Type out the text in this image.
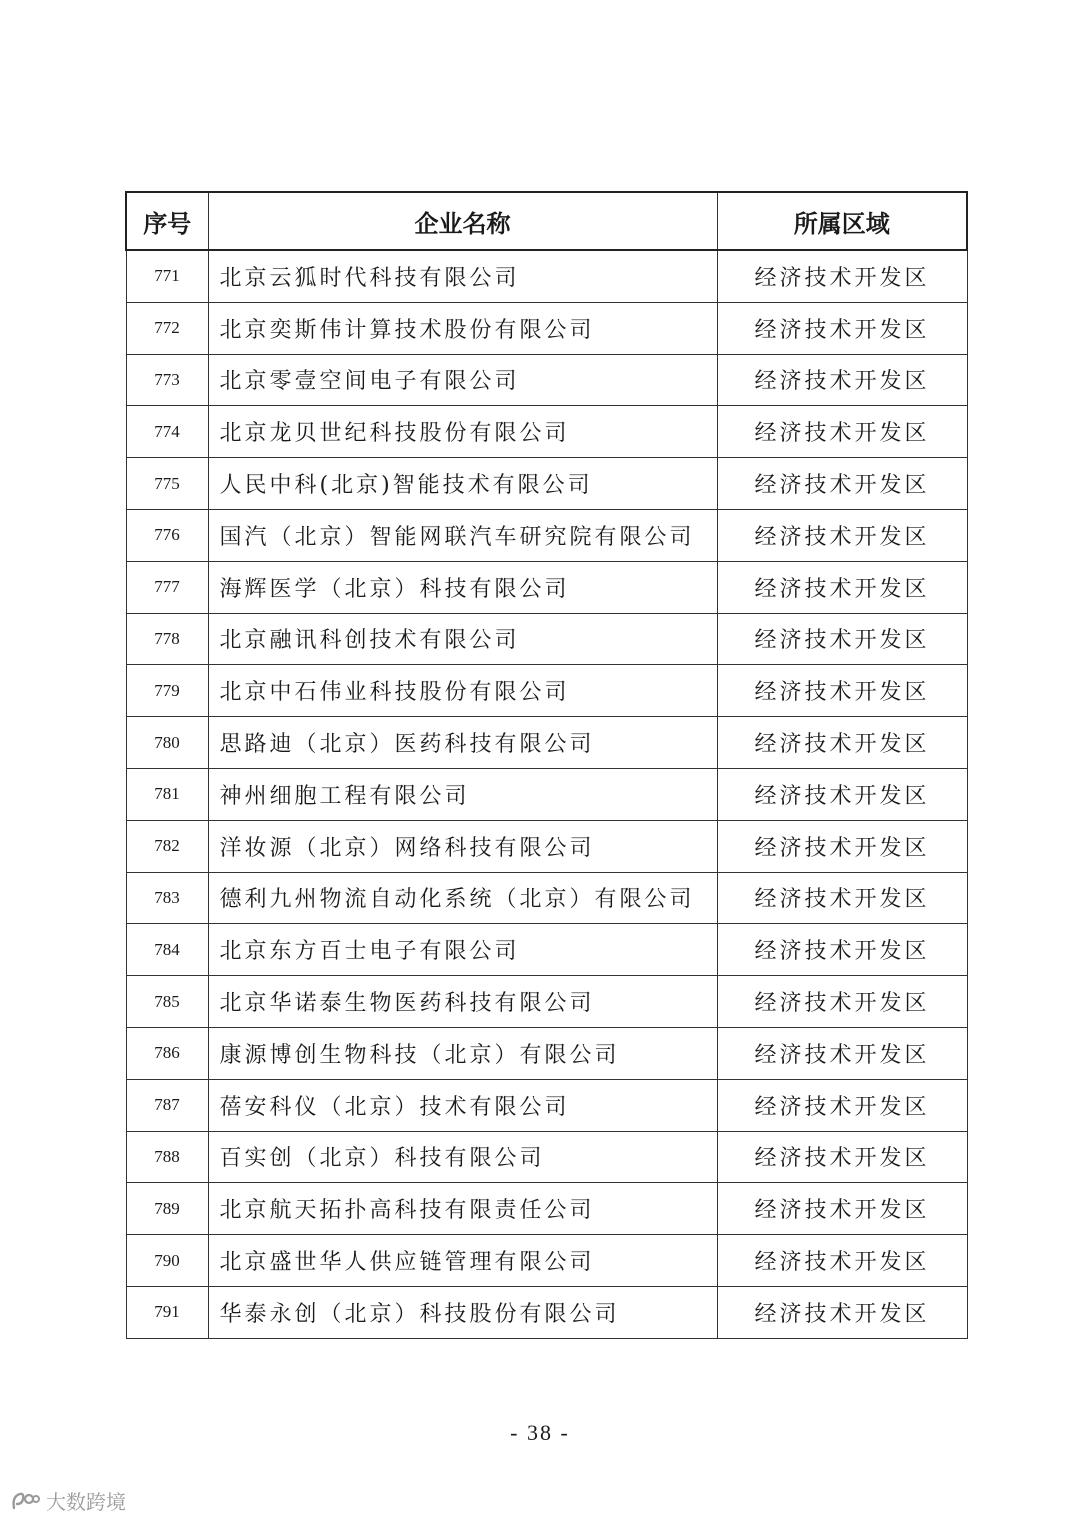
序号	企业名称	所属区域
771	北京云狐时代科技有限公司	经济技术开发区
772	北京奕斯伟计算技术股份有限公司	经济技术开发区
773	北京零壹空间电子有限公司	经济技术开发区
774	北京龙贝世纪科技股份有限公司	经济技术开发区
775	人民中科(北京)智能技术有限公司	经济技术开发区
776	国汽（北京）智能网联汽车研究院有限公司	经济技术开发区
777	海辉医学（北京）科技有限公司	经济技术开发区
778	北京融讯科创技术有限公司	经济技术开发区
779	北京中石伟业科技股份有限公司	经济技术开发区
780	思路迪（北京）医药科技有限公司	经济技术开发区
781	神州细胞工程有限公司	经济技术开发区
782	洋妆源（北京）网络科技有限公司	经济技术开发区
783	德利九州物流自动化系统（北京）有限公司	经济技术开发区
784	北京东方百士电子有限公司	经济技术开发区
785	北京华诺泰生物医药科技有限公司	经济技术开发区
786	康源博创生物科技（北京）有限公司	经济技术开发区
787	蓓安科仪（北京）技术有限公司	经济技术开发区
788	百实创（北京）科技有限公司	经济技术开发区
789	北京航天拓扑高科技有限责任公司	经济技术开发区
790	北京盛世华人供应链管理有限公司	经济技术开发区
791	华泰永创（北京）科技股份有限公司	经济技术开发区
- 38 -
大数跨境
